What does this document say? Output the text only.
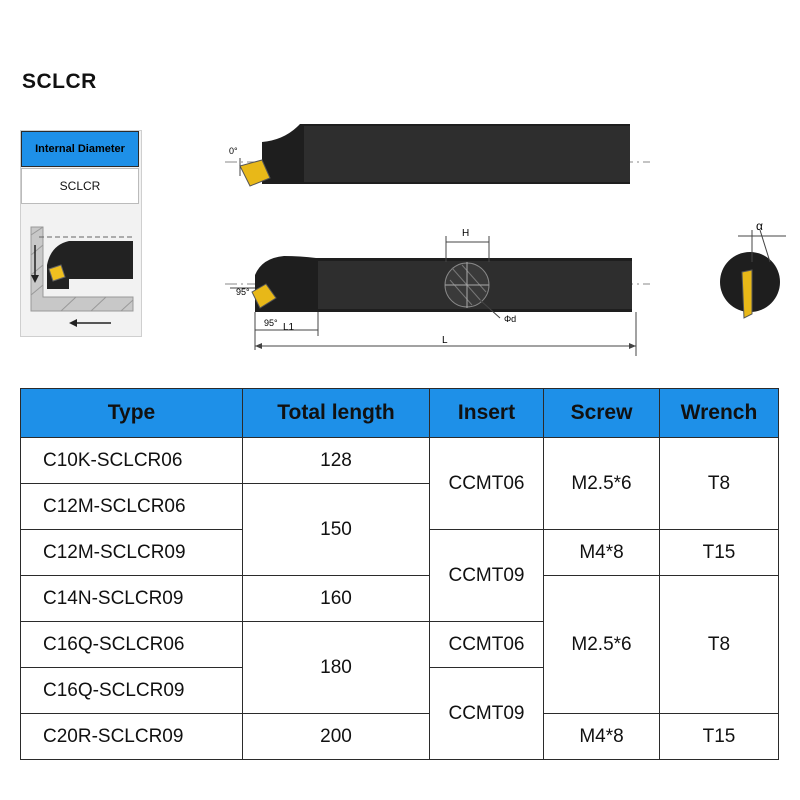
SCLCR
Internal Diameter
SCLCR
0°
H
Φd
95°
95° L1
L
α
Type	Total length	Insert	Screw	Wrench
C10K-SCLCR06	128	CCMT06	M2.5*6	T8
C12M-SCLCR06	150			
C12M-SCLCR09		CCMT09	M4*8	T15
C14N-SCLCR09	160		M2.5*6	T8
C16Q-SCLCR06	180	CCMT06		
C16Q-SCLCR09		CCMT09		
C20R-SCLCR09	200		M4*8	T15
